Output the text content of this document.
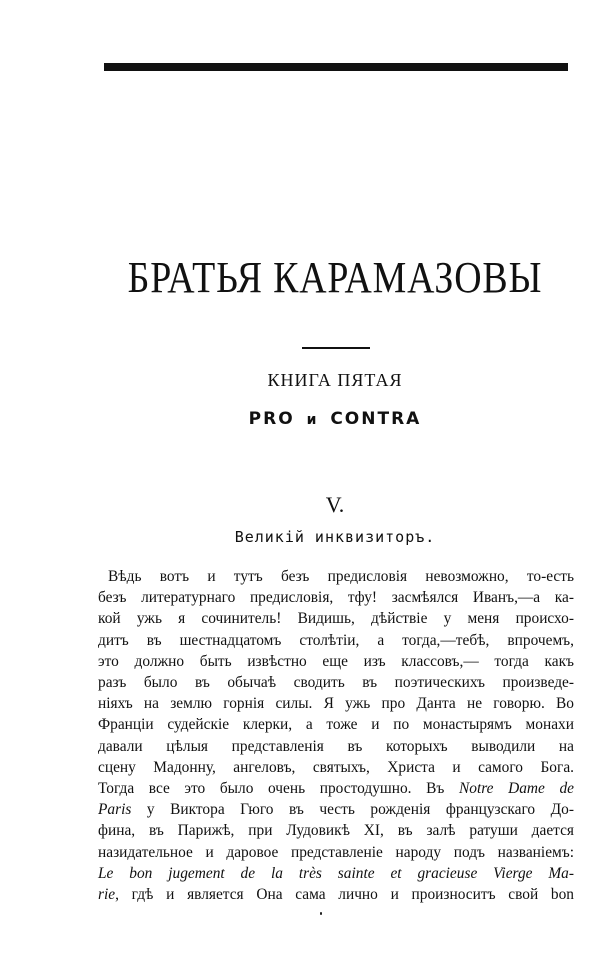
БРАТЬЯ КАРАМАЗОВЫ
КНИГА ПЯТАЯ
PRO и CONTRA
V.
Великій инквизиторъ.
Вѣдь вотъ и тутъ безъ предисловія невозможно, то-есть
безъ литературнаго предисловія, тфу! засмѣялся Иванъ,—а ка-
кой ужь я сочинитель! Видишь, дѣйствіе у меня происхо-
дитъ въ шестнадцатомъ столѣтіи, а тогда,—тебѣ, впрочемъ,
это должно быть извѣстно еще изъ классовъ,— тогда какъ
разъ было въ обычаѣ сводить въ поэтическихъ произведе-
ніяхъ на землю горнія силы. Я ужь про Данта не говорю. Во
Франціи судейскіе клерки, а тоже и по монастырямъ монахи
давали цѣлыя представленія въ которыхъ выводили на
сцену Мадонну, ангеловъ, святыхъ, Христа и самого Бога.
Тогда все это было очень простодушно. Въ Notre Dame de
Paris у Виктора Гюго въ честь рожденія французскаго До-
фина, въ Парижѣ, при Лудовикѣ XI, въ залѣ ратуши дается
назидательное и даровое представленіе народу подъ названіемъ:
Le bon jugement de la très sainte et gracieuse Vierge Ma-
rie, гдѣ и является Она сама лично и произноситъ свой bon
